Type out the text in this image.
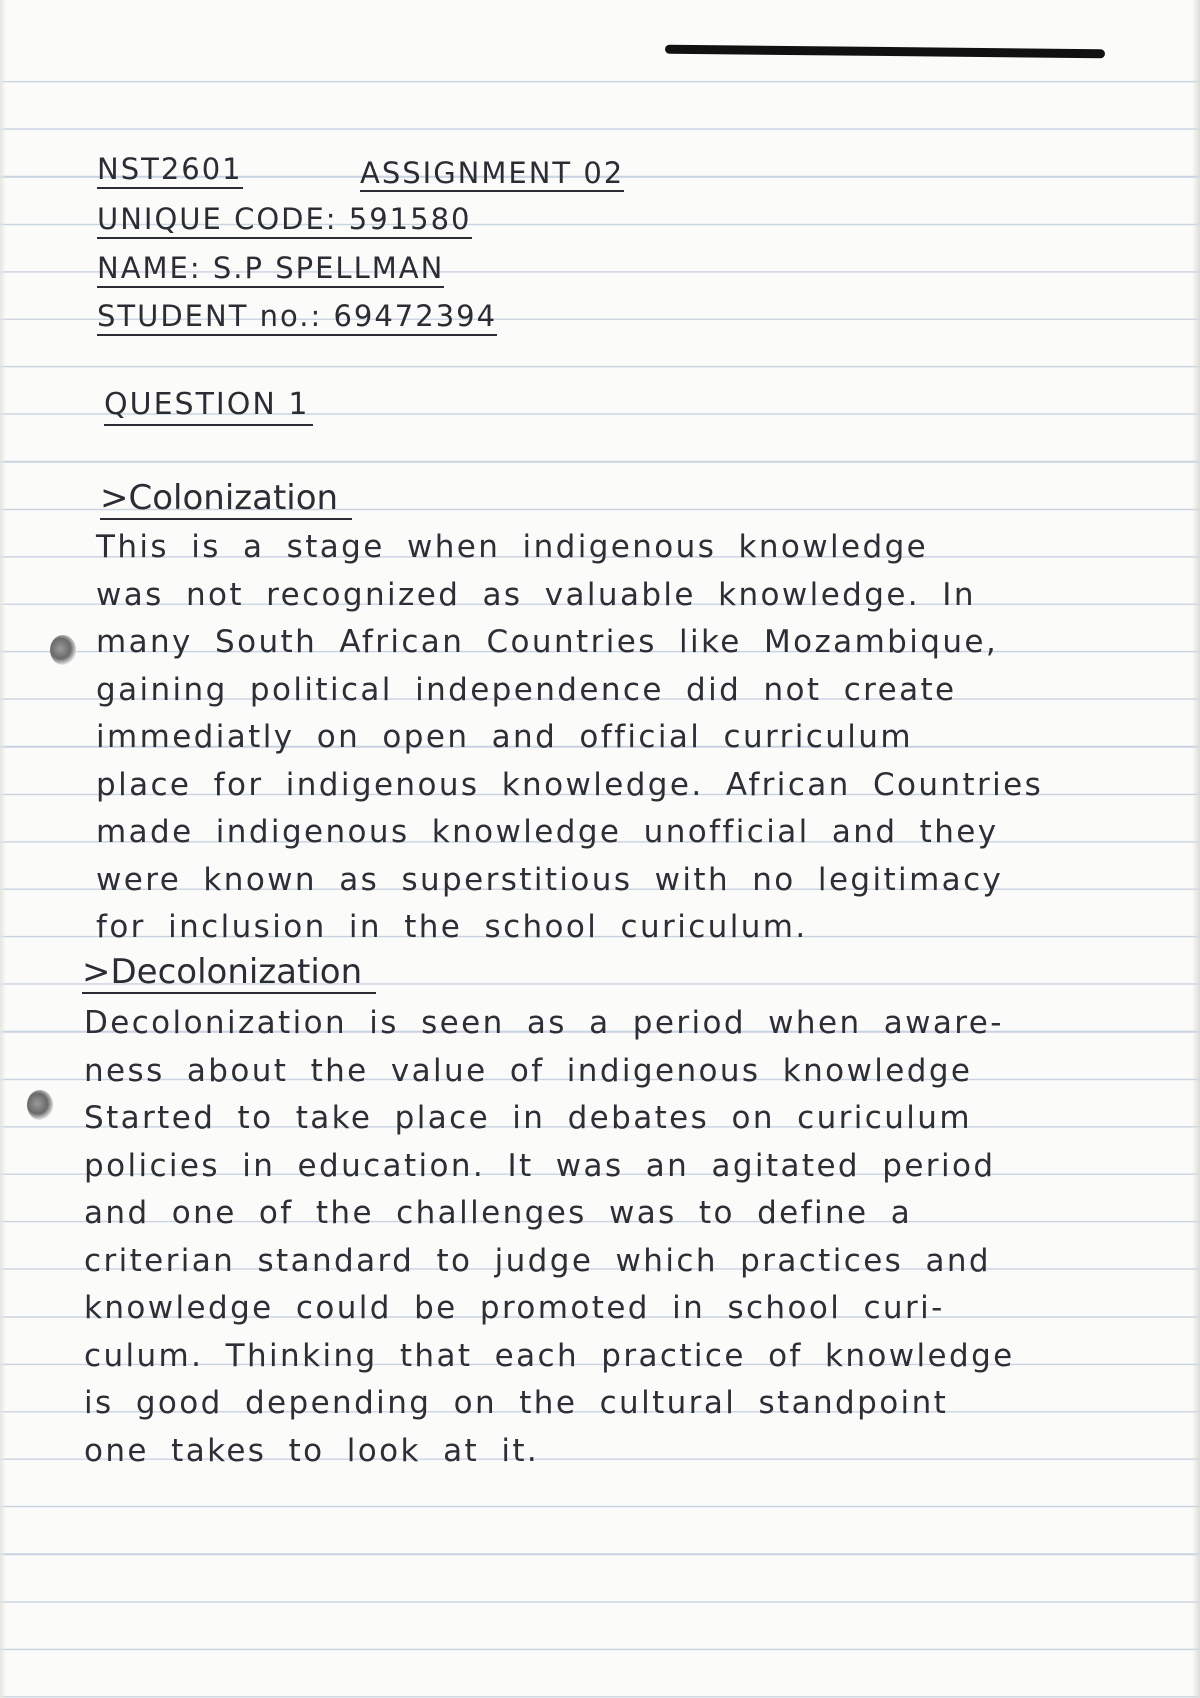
NST2601	ASSIGNMENT 02
UNIQUE CODE: 591580
NAME: S.P SPELLMAN
STUDENT no.: 69472394
QUESTION 1
>Colonization
This is a stage when indigenous knowledge
was not recognized as valuable knowledge. In
many South African Countries like Mozambique,
gaining political independence did not create
immediatly on open and official curriculum
place for indigenous knowledge. African Countries
made indigenous knowledge unofficial and they
were known as superstitious with no legitimacy
for inclusion in the school curiculum.
>Decolonization
Decolonization is seen as a period when aware-
ness about the value of indigenous knowledge
Started to take place in debates on curiculum
policies in education. It was an agitated period
and one of the challenges was to define a
criterian standard to judge which practices and
knowledge could be promoted in school curi-
culum. Thinking that each practice of knowledge
is good depending on the cultural standpoint
one takes to look at it.
